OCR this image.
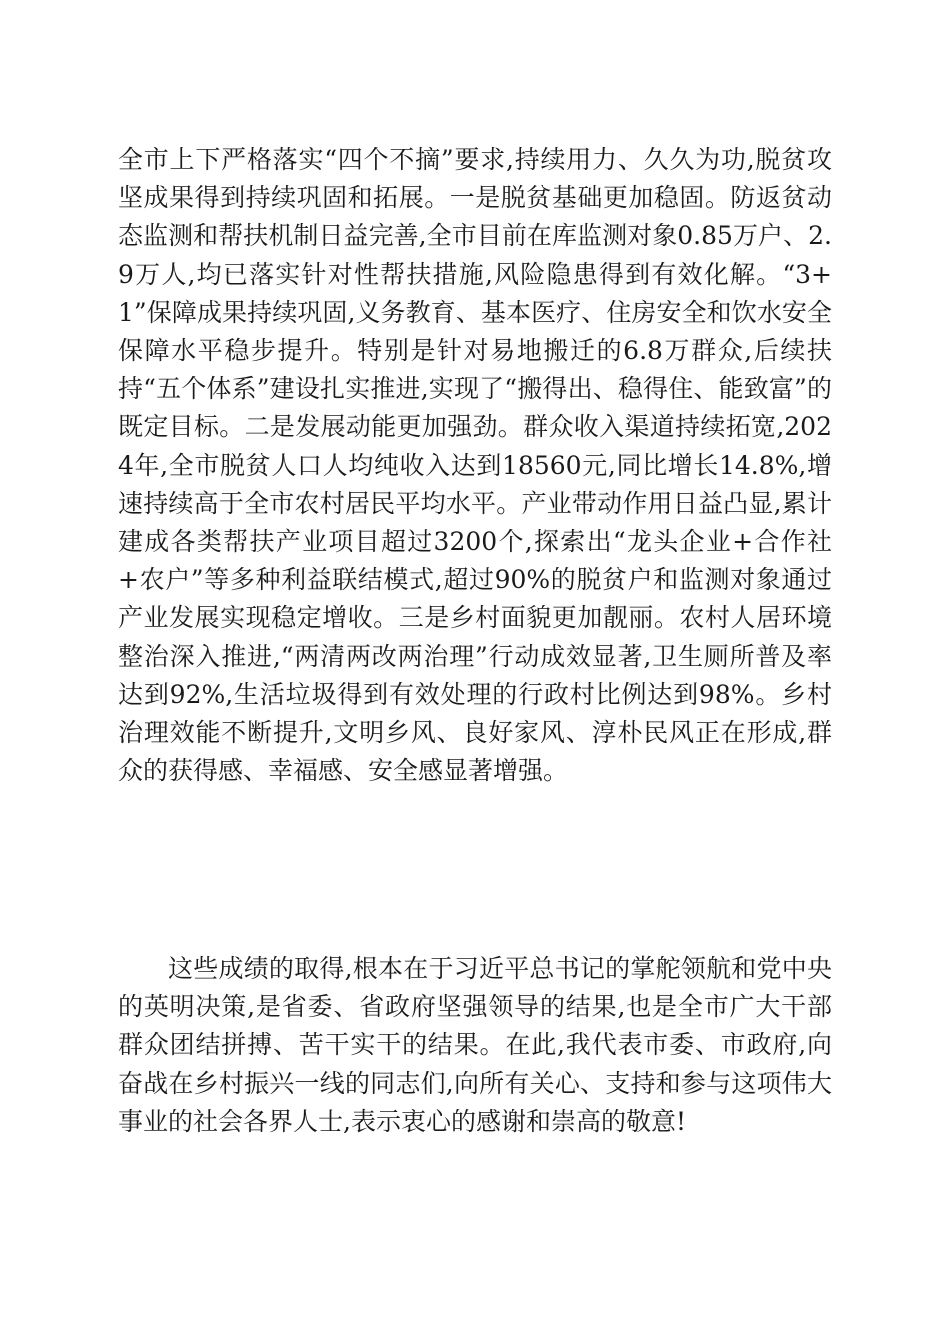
全市上下严格落实“四个不摘”要求,持续用力、久久为功,脱贫攻坚成果得到持续巩固和拓展。一是脱贫基础更加稳固。防返贫动态监测和帮扶机制日益完善,全市目前在库监测对象0.85万户、2.9万人,均已落实针对性帮扶措施,风险隐患得到有效化解。“3+1”保障成果持续巩固,义务教育、基本医疗、住房安全和饮水安全保障水平稳步提升。特别是针对易地搬迁的6.8万群众,后续扶持“五个体系”建设扎实推进,实现了“搬得出、稳得住、能致富”的既定目标。二是发展动能更加强劲。群众收入渠道持续拓宽,2024年,全市脱贫人口人均纯收入达到18560元,同比增长14.8%,增速持续高于全市农村居民平均水平。产业带动作用日益凸显,累计建成各类帮扶产业项目超过3200个,探索出“龙头企业+合作社+农户”等多种利益联结模式,超过90%的脱贫户和监测对象通过产业发展实现稳定增收。三是乡村面貌更加靓丽。农村人居环境整治深入推进,“两清两改两治理”行动成效显著,卫生厕所普及率达到92%,生活垃圾得到有效处理的行政村比例达到98%。乡村治理效能不断提升,文明乡风、良好家风、淳朴民风正在形成,群众的获得感、幸福感、安全感显著增强。

这些成绩的取得,根本在于习近平总书记的掌舵领航和党中央的英明决策,是省委、省政府坚强领导的结果,也是全市广大干部群众团结拼搏、苦干实干的结果。在此,我代表市委、市政府,向奋战在乡村振兴一线的同志们,向所有关心、支持和参与这项伟大事业的社会各界人士,表示衷心的感谢和崇高的敬意!
